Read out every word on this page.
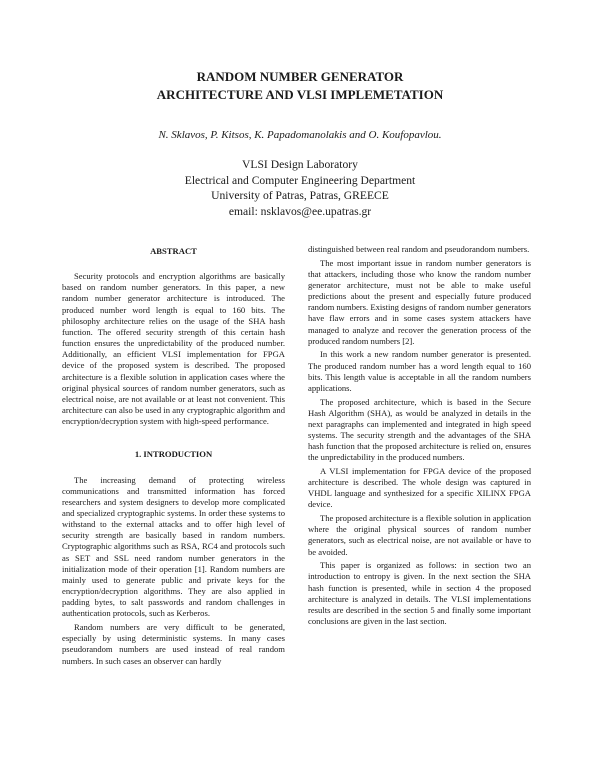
RANDOM NUMBER GENERATOR
ARCHITECTURE AND VLSI IMPLEMETATION
N. Sklavos, P. Kitsos, K. Papadomanolakis and O. Koufopavlou.
VLSI Design Laboratory
Electrical and Computer Engineering Department
University of Patras, Patras, GREECE
email: nsklavos@ee.upatras.gr
ABSTRACT

Security protocols and encryption algorithms are basically based on random number generators. In this paper, a new random number generator architecture is introduced. The produced number word length is equal to 160 bits. The philosophy architecture relies on the usage of the SHA hash function. The offered security strength of this certain hash function ensures the unpredictability of the produced number. Additionally, an efficient VLSI implementation for FPGA device of the proposed system is described. The proposed architecture is a flexible solution in application cases where the original physical sources of random number generators, such as electrical noise, are not available or at least not convenient. This architecture can also be used in any cryptographic algorithm and encryption/decryption system with high-speed performance.

1. INTRODUCTION

The increasing demand of protecting wireless communications and transmitted information has forced researchers and system designers to develop more complicated and specialized cryptographic systems. In order these systems to withstand to the external attacks and to offer high level of security strength are basically based in random numbers. Cryptographic algorithms such as RSA, RC4 and protocols such as SET and SSL need random number generators in the initialization mode of their operation [1]. Random numbers are mainly used to generate public and private keys for the encryption/decryption algorithms. They are also applied in padding bytes, to salt passwords and random challenges in authentication protocols, such as Kerberos.

Random numbers are very difficult to be generated, especially by using deterministic systems. In many cases pseudorandom numbers are used instead of real random numbers. In such cases an observer can hardly

distinguished between real random and pseudorandom numbers.

The most important issue in random number generators is that attackers, including those who know the random number generator architecture, must not be able to make useful predictions about the present and especially future produced random numbers. Existing designs of random number generators have flaw errors and in some cases system attackers have managed to analyze and recover the generation process of the produced random numbers [2].

In this work a new random number generator is presented. The produced random number has a word length equal to 160 bits. This length value is acceptable in all the random numbers applications.

The proposed architecture, which is based in the Secure Hash Algorithm (SHA), as would be analyzed in details in the next paragraphs can implemented and integrated in high speed systems. The security strength and the advantages of the SHA hash function that the proposed architecture is relied on, ensures the unpredictability in the produced numbers.

A VLSI implementation for FPGA device of the proposed architecture is described. The whole design was captured in VHDL language and synthesized for a specific XILINX FPGA device.

The proposed architecture is a flexible solution in application where the original physical sources of random number generators, such as electrical noise, are not available or have to be avoided.

This paper is organized as follows: in section two an introduction to entropy is given. In the next section the SHA hash function is presented, while in section 4 the proposed architecture is analyzed in details. The VLSI implementations results are described in the section 5 and finally some important conclusions are given in the last section.
